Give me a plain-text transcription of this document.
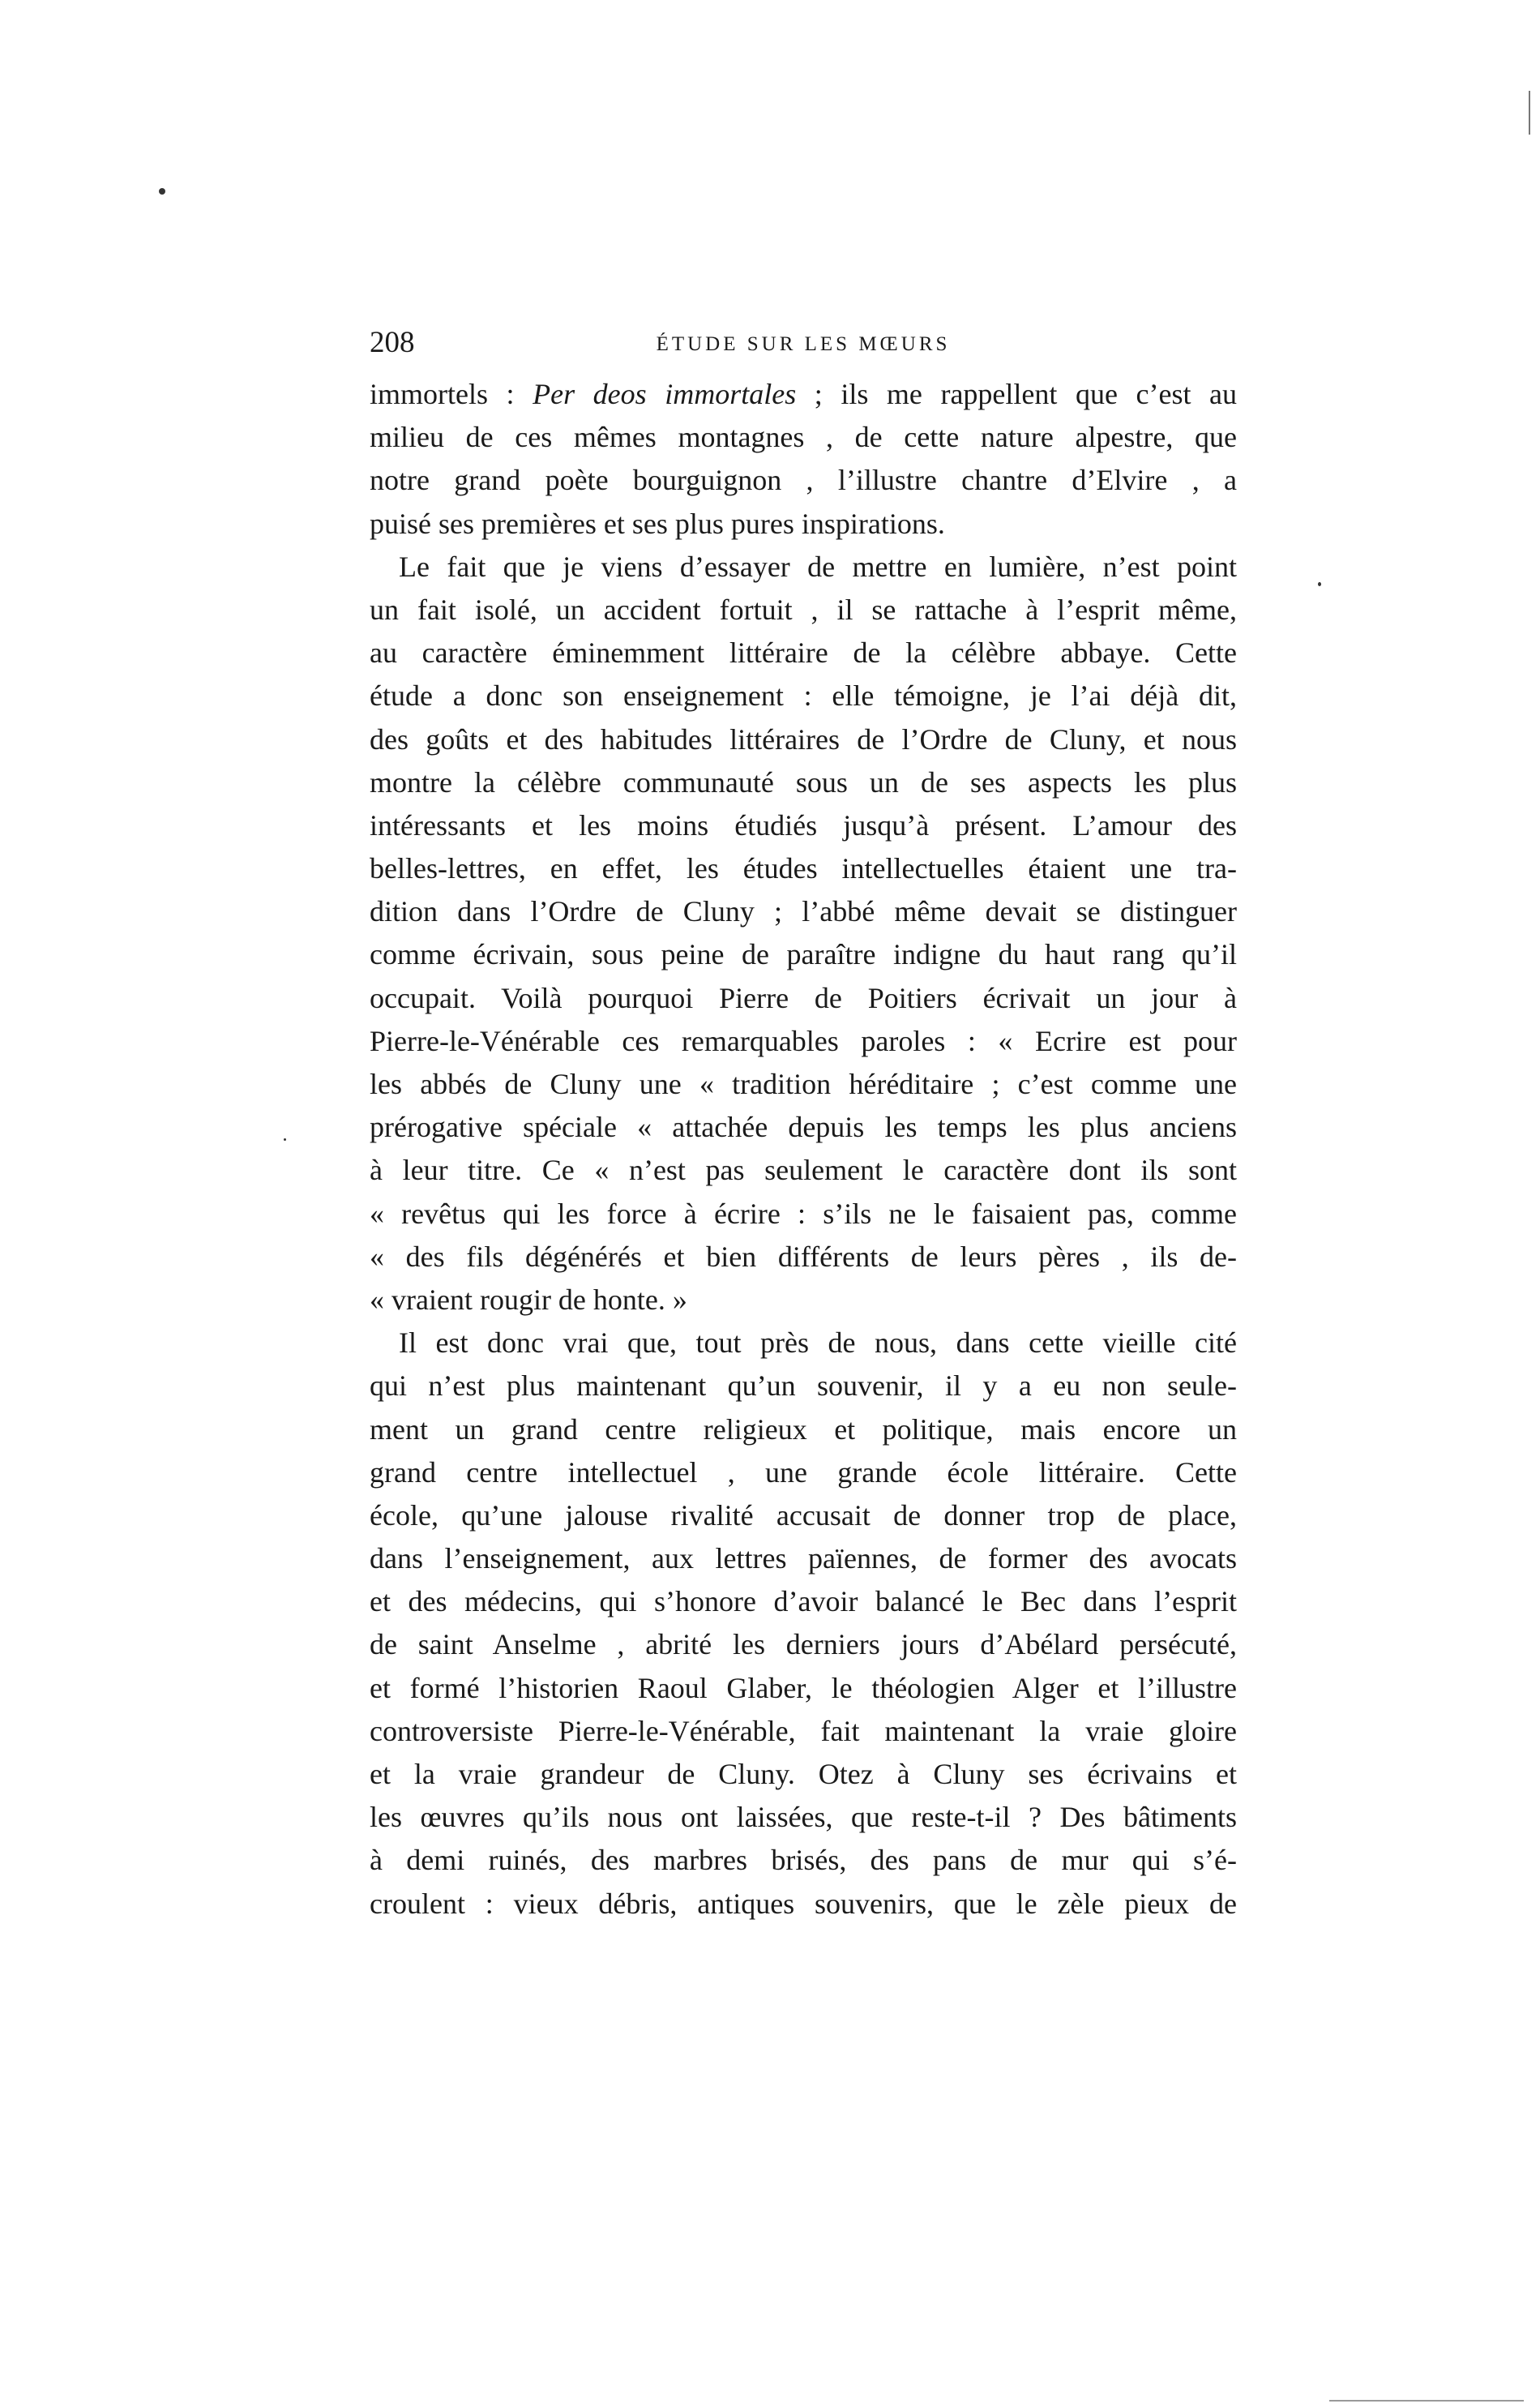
208	ÉTUDE SUR LES MŒURS
immortels : Per deos immortales ; ils me rappellent que c’est au
milieu de ces mêmes montagnes , de cette nature alpestre, que
notre grand poète bourguignon , l’illustre chantre d’Elvire , a
puisé ses premières et ses plus pures inspirations.
Le fait que je viens d’essayer de mettre en lumière, n’est point
un fait isolé, un accident fortuit , il se rattache à l’esprit même,
au caractère éminemment littéraire de la célèbre abbaye. Cette
étude a donc son enseignement : elle témoigne, je l’ai déjà dit,
des goûts et des habitudes littéraires de l’Ordre de Cluny, et nous
montre la célèbre communauté sous un de ses aspects les plus
intéressants et les moins étudiés jusqu’à présent. L’amour des
belles-lettres, en effet, les études intellectuelles étaient une tra-
dition dans l’Ordre de Cluny ; l’abbé même devait se distinguer
comme écrivain, sous peine de paraître indigne du haut rang qu’il
occupait. Voilà pourquoi Pierre de Poitiers écrivait un jour à
Pierre-le-Vénérable ces remarquables paroles : « Ecrire est pour
les abbés de Cluny une « tradition héréditaire ; c’est comme une
prérogative spéciale « attachée depuis les temps les plus anciens
à leur titre. Ce « n’est pas seulement le caractère dont ils sont
« revêtus qui les force à écrire : s’ils ne le faisaient pas, comme
« des fils dégénérés et bien différents de leurs pères , ils de-
« vraient rougir de honte. »
Il est donc vrai que, tout près de nous, dans cette vieille cité
qui n’est plus maintenant qu’un souvenir, il y a eu non seule-
ment un grand centre religieux et politique, mais encore un
grand centre intellectuel , une grande école littéraire. Cette
école, qu’une jalouse rivalité accusait de donner trop de place,
dans l’enseignement, aux lettres païennes, de former des avocats
et des médecins, qui s’honore d’avoir balancé le Bec dans l’esprit
de saint Anselme , abrité les derniers jours d’Abélard persécuté,
et formé l’historien Raoul Glaber, le théologien Alger et l’illustre
controversiste Pierre-le-Vénérable, fait maintenant la vraie gloire
et la vraie grandeur de Cluny. Otez à Cluny ses écrivains et
les œuvres qu’ils nous ont laissées, que reste-t-il ? Des bâtiments
à demi ruinés, des marbres brisés, des pans de mur qui s’é-
croulent : vieux débris, antiques souvenirs, que le zèle pieux de
